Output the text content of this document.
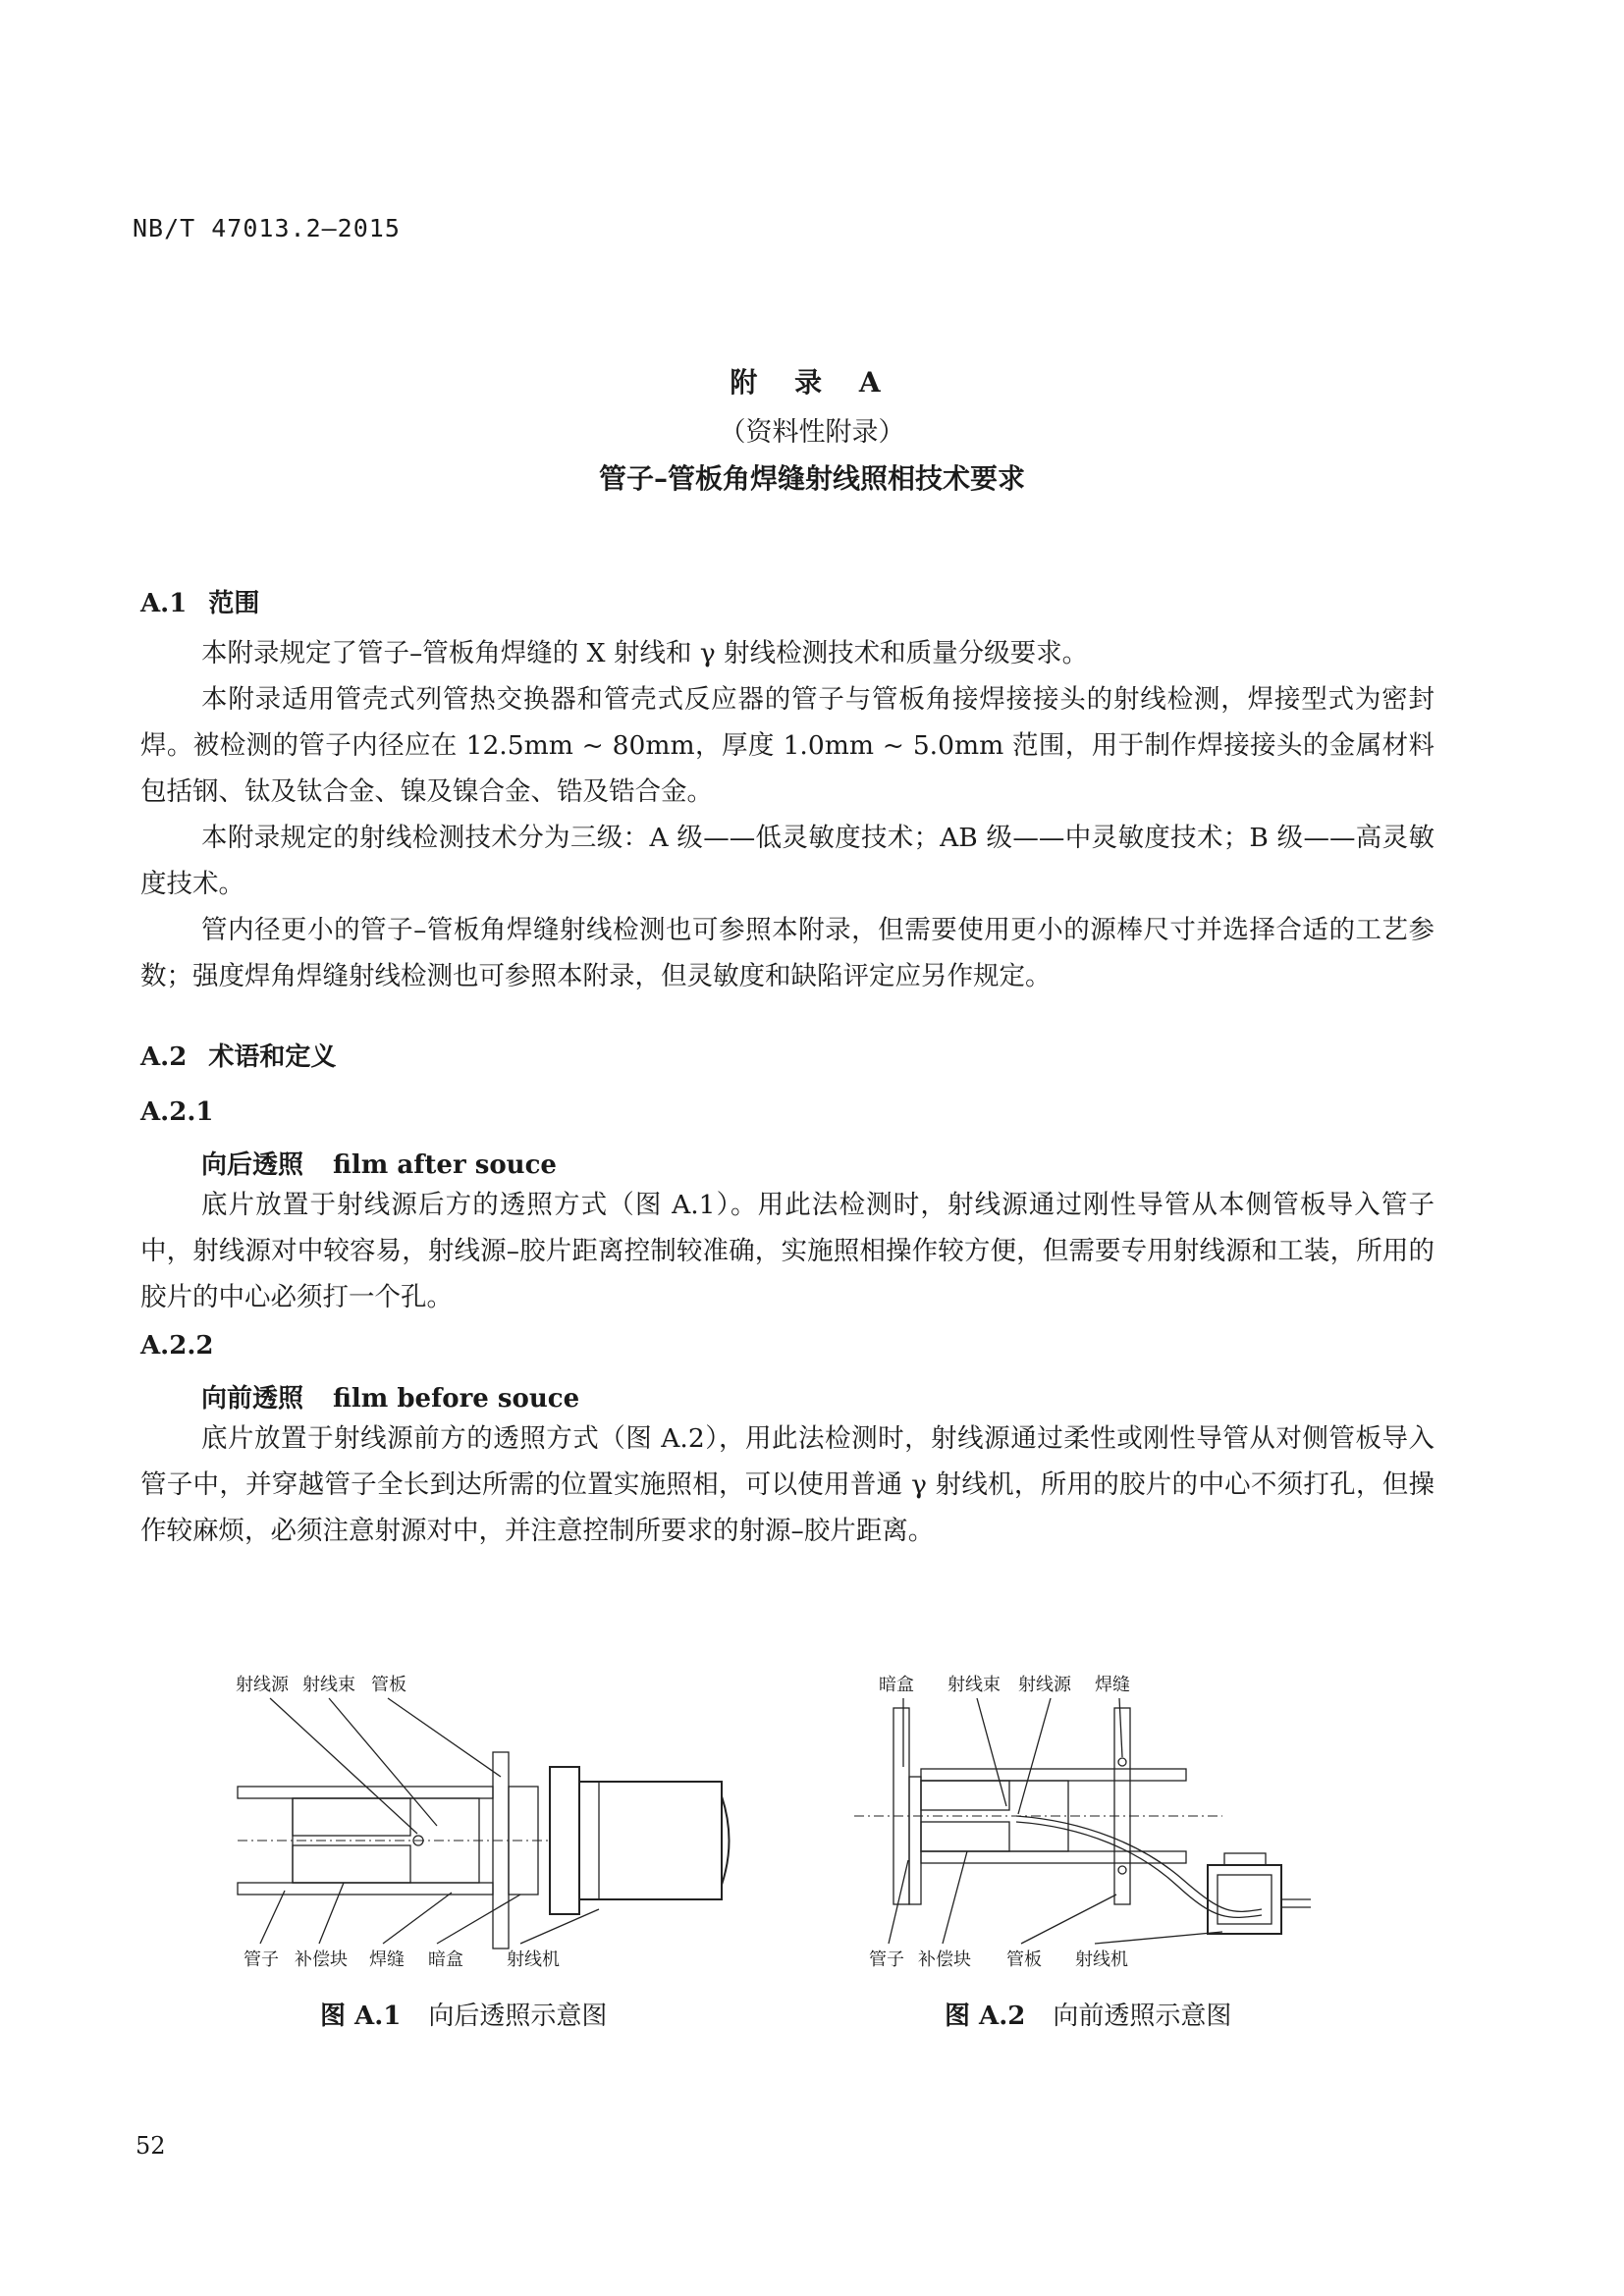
NB/T 47013.2—2015
附 录 A
（资料性附录）
管子–管板角焊缝射线照相技术要求
A.1 范围
本附录规定了管子–管板角焊缝的 X 射线和 γ 射线检测技术和质量分级要求。
本附录适用管壳式列管热交换器和管壳式反应器的管子与管板角接焊接接头的射线检测，焊接型式为密封焊。被检测的管子内径应在 12.5mm ~ 80mm，厚度 1.0mm ~ 5.0mm 范围，用于制作焊接接头的金属材料包括钢、钛及钛合金、镍及镍合金、锆及锆合金。
本附录规定的射线检测技术分为三级：A 级——低灵敏度技术；AB 级——中灵敏度技术；B 级——高灵敏度技术。
管内径更小的管子–管板角焊缝射线检测也可参照本附录，但需要使用更小的源棒尺寸并选择合适的工艺参数；强度焊角焊缝射线检测也可参照本附录，但灵敏度和缺陷评定应另作规定。
A.2 术语和定义
A.2.1
向后透照 film after souce
底片放置于射线源后方的透照方式（图 A.1）。用此法检测时，射线源通过刚性导管从本侧管板导入管子中，射线源对中较容易，射线源–胶片距离控制较准确，实施照相操作较方便，但需要专用射线源和工装，所用的胶片的中心必须打一个孔。
A.2.2
向前透照 film before souce
底片放置于射线源前方的透照方式（图 A.2），用此法检测时，射线源通过柔性或刚性导管从对侧管板导入管子中，并穿越管子全长到达所需的位置实施照相，可以使用普通 γ 射线机，所用的胶片的中心不须打孔，但操作较麻烦，必须注意射源对中，并注意控制所要求的射源–胶片距离。
射线源 射线束 管板
管子 补偿块 焊缝 暗盒 射线机
图 A.1 向后透照示意图
暗盒 射线束 射线源 焊缝
管子 补偿块 管板 射线机
图 A.2 向前透照示意图
52
